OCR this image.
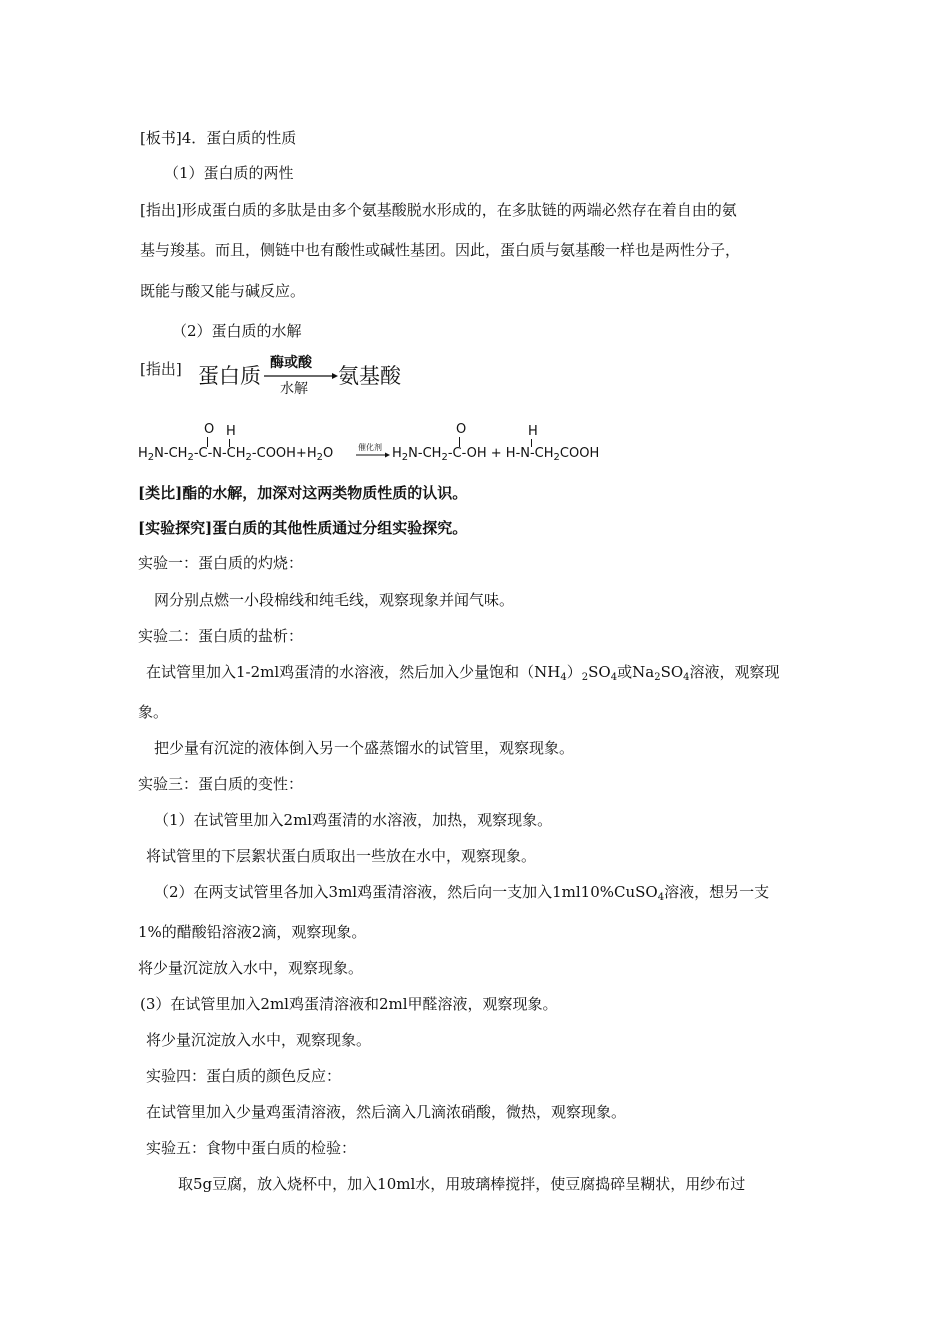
[板书]4．蛋白质的性质
（1）蛋白质的两性
[指出]形成蛋白质的多肽是由多个氨基酸脱水形成的，在多肽链的两端必然存在着自由的氨
基与羧基。而且，侧链中也有酸性或碱性基团。因此，蛋白质与氨基酸一样也是两性分子，
既能与酸又能与碱反应。
（2）蛋白质的水解
[指出] 蛋白质
酶或酸
水解
氨基酸
O H
$H_2N-CH_2-C-N-CH_2-COOH+H_2O$	催化剂
O	H
$H_2N-CH_2-C-OH$ + $H-N-CH_2COOH$
[类比]酯的水解，加深对这两类物质性质的认识。
[实验探究]蛋白质的其他性质通过分组实验探究。
实验一：蛋白质的灼烧：
网分别点燃一小段棉线和纯毛线，观察现象并闻气味。
实验二：蛋白质的盐析：
在试管里加入1-2ml鸡蛋清的水溶液，然后加入少量饱和$(NH_4)_2SO_4$或$Na_2SO_4$溶液，观察现
象。
把少量有沉淀的液体倒入另一个盛蒸馏水的试管里，观察现象。
实验三：蛋白质的变性：
（1）在试管里加入2ml鸡蛋清的水溶液，加热，观察现象。
将试管里的下层絮状蛋白质取出一些放在水中，观察现象。
（2）在两支试管里各加入3ml鸡蛋清溶液，然后向一支加入1ml10%CuSO$_4$溶液，想另一支
1%的醋酸铅溶液2滴，观察现象。
将少量沉淀放入水中，观察现象。
(3）在试管里加入2ml鸡蛋清溶液和2ml甲醛溶液，观察现象。
将少量沉淀放入水中，观察现象。
实验四：蛋白质的颜色反应：
在试管里加入少量鸡蛋清溶液，然后滴入几滴浓硝酸，微热，观察现象。
实验五：食物中蛋白质的检验：
取5g豆腐，放入烧杯中，加入10ml水，用玻璃棒搅拌，使豆腐捣碎呈糊状，用纱布过
